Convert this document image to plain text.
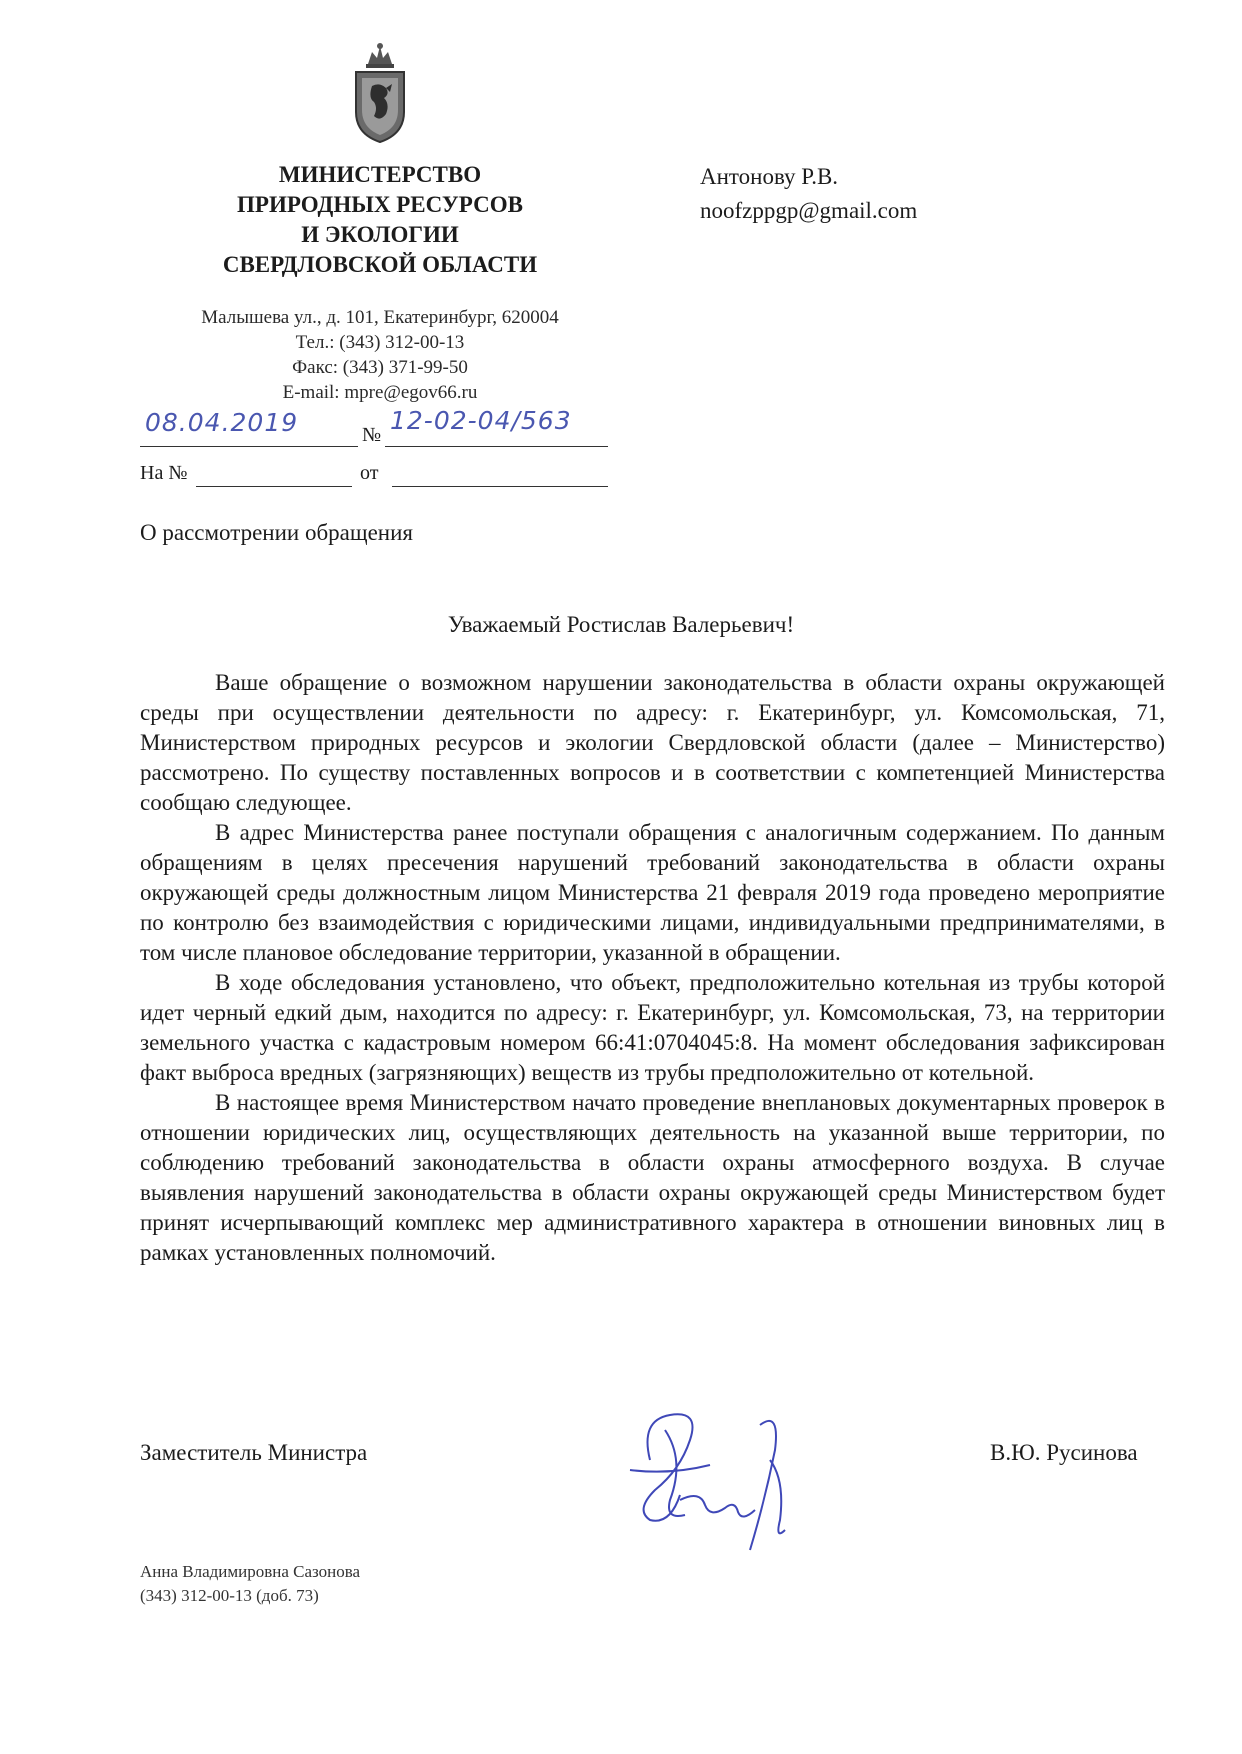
МИНИСТЕРСТВО
ПРИРОДНЫХ РЕСУРСОВ
И ЭКОЛОГИИ
СВЕРДЛОВСКОЙ ОБЛАСТИ
Малышева ул., д. 101, Екатеринбург, 620004
Тел.: (343) 312-00-13
Факс: (343) 371-99-50
E-mail: mpre@egov66.ru
08.04.2019	№ 12-02-04/563
На №	от
Антонову Р.В.
noofzppgp@gmail.com
О рассмотрении обращения
Уважаемый Ростислав Валерьевич!

Ваше обращение о возможном нарушении законодательства в области охраны окружающей среды при осуществлении деятельности по адресу: г. Екатеринбург, ул. Комсомольская, 71, Министерством природных ресурсов и экологии Свердловской области (далее – Министерство) рассмотрено. По существу поставленных вопросов и в соответствии с компетенцией Министерства сообщаю следующее.

В адрес Министерства ранее поступали обращения с аналогичным содержанием. По данным обращениям в целях пресечения нарушений требований законодательства в области охраны окружающей среды должностным лицом Министерства 21 февраля 2019 года проведено мероприятие по контролю без взаимодействия с юридическими лицами, индивидуальными предпринимателями, в том числе плановое обследование территории, указанной в обращении.

В ходе обследования установлено, что объект, предположительно котельная из трубы которой идет черный едкий дым, находится по адресу: г. Екатеринбург, ул. Комсомольская, 73, на территории земельного участка с кадастровым номером 66:41:0704045:8. На момент обследования зафиксирован факт выброса вредных (загрязняющих) веществ из трубы предположительно от котельной.

В настоящее время Министерством начато проведение внеплановых документарных проверок в отношении юридических лиц, осуществляющих деятельность на указанной выше территории, по соблюдению требований законодательства в области охраны атмосферного воздуха. В случае выявления нарушений законодательства в области охраны окружающей среды Министерством будет принят исчерпывающий комплекс мер административного характера в отношении виновных лиц в рамках установленных полномочий.

Заместитель Министра	В.Ю. Русинова
Анна Владимировна Сазонова
(343) 312-00-13 (доб. 73)
